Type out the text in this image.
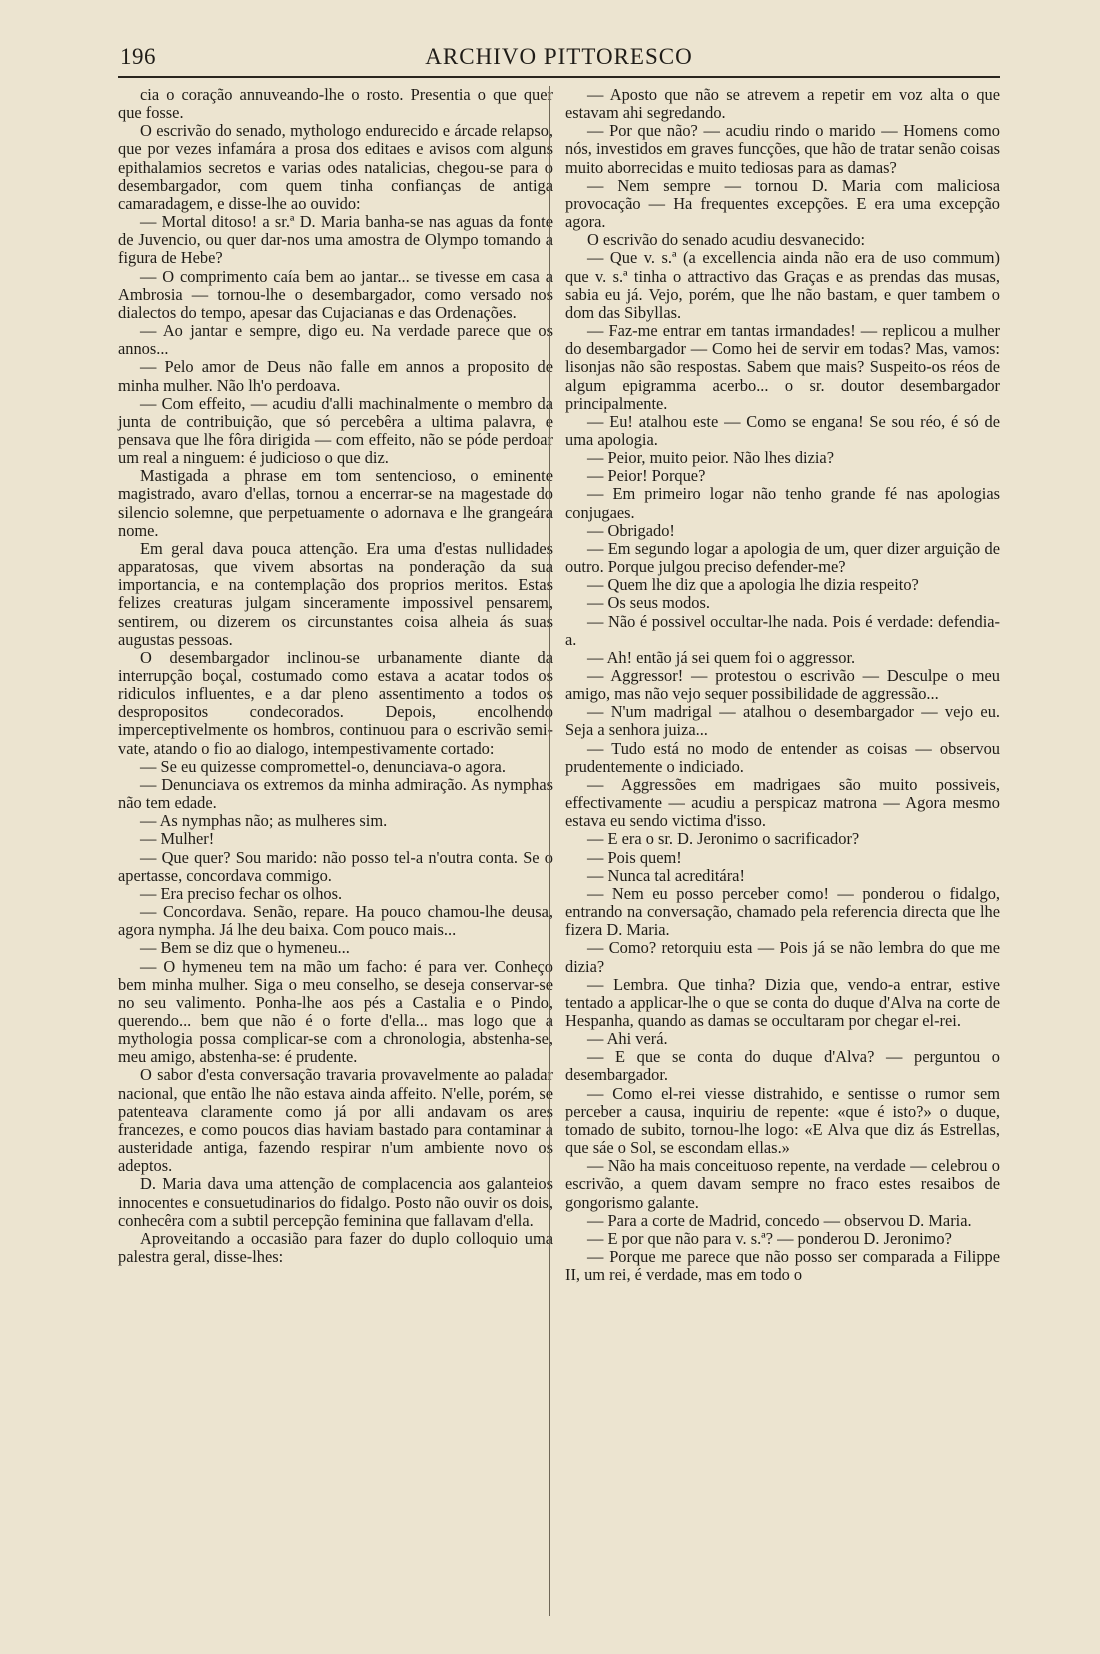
196	ARCHIVO PITTORESCO

cia o coração annuveando-lhe o rosto. Presentia o que quer que fosse.

O escrivão do senado, mythologo endurecido e árcade relapso, que por vezes infamára a prosa dos editaes e avisos com alguns epithalamios secretos e varias odes natalicias, chegou-se para o desembargador, com quem tinha confianças de antiga camaradagem, e disse-lhe ao ouvido:

— Mortal ditoso! a sr.ª D. Maria banha-se nas aguas da fonte de Juvencio, ou quer dar-nos uma amostra de Olympo tomando a figura de Hebe?

— O comprimento caía bem ao jantar... se tivesse em casa a Ambrosia — tornou-lhe o desembargador, como versado nos dialectos do tempo, apesar das Cujacianas e das Ordenações.

— Ao jantar e sempre, digo eu. Na verdade parece que os annos...

— Pelo amor de Deus não falle em annos a proposito de minha mulher. Não lh'o perdoava.

— Com effeito, — acudiu d'alli machinalmente o membro da junta de contribuição, que só percebêra a ultima palavra, e pensava que lhe fôra dirigida — com effeito, não se póde perdoar um real a ninguem: é judicioso o que diz.

Mastigada a phrase em tom sentencioso, o eminente magistrado, avaro d'ellas, tornou a encerrar-se na magestade do silencio solemne, que perpetuamente o adornava e lhe grangeára nome.

Em geral dava pouca attenção. Era uma d'estas nullidades apparatosas, que vivem absortas na ponderação da sua importancia, e na contemplação dos proprios meritos. Estas felizes creaturas julgam sinceramente impossivel pensarem, sentirem, ou dizerem os circunstantes coisa alheia ás suas augustas pessoas.

O desembargador inclinou-se urbanamente diante da interrupção boçal, costumado como estava a acatar todos os ridiculos influentes, e a dar pleno assentimento a todos os despropositos condecorados. Depois, encolhendo imperceptivelmente os hombros, continuou para o escrivão semi-vate, atando o fio ao dialogo, intempestivamente cortado:

— Se eu quizesse compromettel-o, denunciava-o agora.

— Denunciava os extremos da minha admiração. As nymphas não tem edade.

— As nymphas não; as mulheres sim.

— Mulher!

— Que quer? Sou marido: não posso tel-a n'outra conta. Se o apertasse, concordava commigo.

— Era preciso fechar os olhos.

— Concordava. Senão, repare. Ha pouco chamou-lhe deusa, agora nympha. Já lhe deu baixa. Com pouco mais...

— Bem se diz que o hymeneu...

— O hymeneu tem na mão um facho: é para ver. Conheço bem minha mulher. Siga o meu conselho, se deseja conservar-se no seu valimento. Ponha-lhe aos pés a Castalia e o Pindo, querendo... bem que não é o forte d'ella... mas logo que a mythologia possa complicar-se com a chronologia, abstenha-se, meu amigo, abstenha-se: é prudente.

O sabor d'esta conversação travaria provavelmente ao paladar nacional, que então lhe não estava ainda affeito. N'elle, porém, se patenteava claramente como já por alli andavam os ares francezes, e como poucos dias haviam bastado para contaminar a austeridade antiga, fazendo respirar n'um ambiente novo os adeptos.

D. Maria dava uma attenção de complacencia aos galanteios innocentes e consuetudinarios do fidalgo. Posto não ouvir os dois, conhecêra com a subtil percepção feminina que fallavam d'ella.

Aproveitando a occasião para fazer do duplo colloquio uma palestra geral, disse-lhes:

— Aposto que não se atrevem a repetir em voz alta o que estavam ahi segredando.

— Por que não? — acudiu rindo o marido — Homens como nós, investidos em graves funcções, que hão de tratar senão coisas muito aborrecidas e muito tediosas para as damas?

— Nem sempre — tornou D. Maria com maliciosa provocação — Ha frequentes excepções. E era uma excepção agora.

O escrivão do senado acudiu desvanecido:

— Que v. s.ª (a excellencia ainda não era de uso commum) que v. s.ª tinha o attractivo das Graças e as prendas das musas, sabia eu já. Vejo, porém, que lhe não bastam, e quer tambem o dom das Sibyllas.

— Faz-me entrar em tantas irmandades! — replicou a mulher do desembargador — Como hei de servir em todas? Mas, vamos: lisonjas não são respostas. Sabem que mais? Suspeito-os réos de algum epigramma acerbo... o sr. doutor desembargador principalmente.

— Eu! atalhou este — Como se engana! Se sou réo, é só de uma apologia.

— Peior, muito peior. Não lhes dizia?

— Peior! Porque?

— Em primeiro logar não tenho grande fé nas apologias conjugaes.

— Obrigado!

— Em segundo logar a apologia de um, quer dizer arguição de outro. Porque julgou preciso defender-me?

— Quem lhe diz que a apologia lhe dizia respeito?

— Os seus modos.

— Não é possivel occultar-lhe nada. Pois é verdade: defendia-a.

— Ah! então já sei quem foi o aggressor.

— Aggressor! — protestou o escrivão — Desculpe o meu amigo, mas não vejo sequer possibilidade de aggressão...

— N'um madrigal — atalhou o desembargador — vejo eu. Seja a senhora juiza...

— Tudo está no modo de entender as coisas — observou prudentemente o indiciado.

— Aggressões em madrigaes são muito possiveis, effectivamente — acudiu a perspicaz matrona — Agora mesmo estava eu sendo victima d'isso.

— E era o sr. D. Jeronimo o sacrificador?

— Pois quem!

— Nunca tal acreditára!

— Nem eu posso perceber como! — ponderou o fidalgo, entrando na conversação, chamado pela referencia directa que lhe fizera D. Maria.

— Como? retorquiu esta — Pois já se não lembra do que me dizia?

— Lembra. Que tinha? Dizia que, vendo-a entrar, estive tentado a applicar-lhe o que se conta do duque d'Alva na corte de Hespanha, quando as damas se occultaram por chegar el-rei.

— Ahi verá.

— E que se conta do duque d'Alva? — perguntou o desembargador.

— Como el-rei viesse distrahido, e sentisse o rumor sem perceber a causa, inquiriu de repente: «que é isto?» o duque, tomado de subito, tornou-lhe logo: «E Alva que diz ás Estrellas, que sáe o Sol, se escondam ellas.»

— Não ha mais conceituoso repente, na verdade — celebrou o escrivão, a quem davam sempre no fraco estes resaibos de gongorismo galante.

— Para a corte de Madrid, concedo — observou D. Maria.

— E por que não para v. s.ª? — ponderou D. Jeronimo?

— Porque me parece que não posso ser comparada a Filippe II, um rei, é verdade, mas em todo o
